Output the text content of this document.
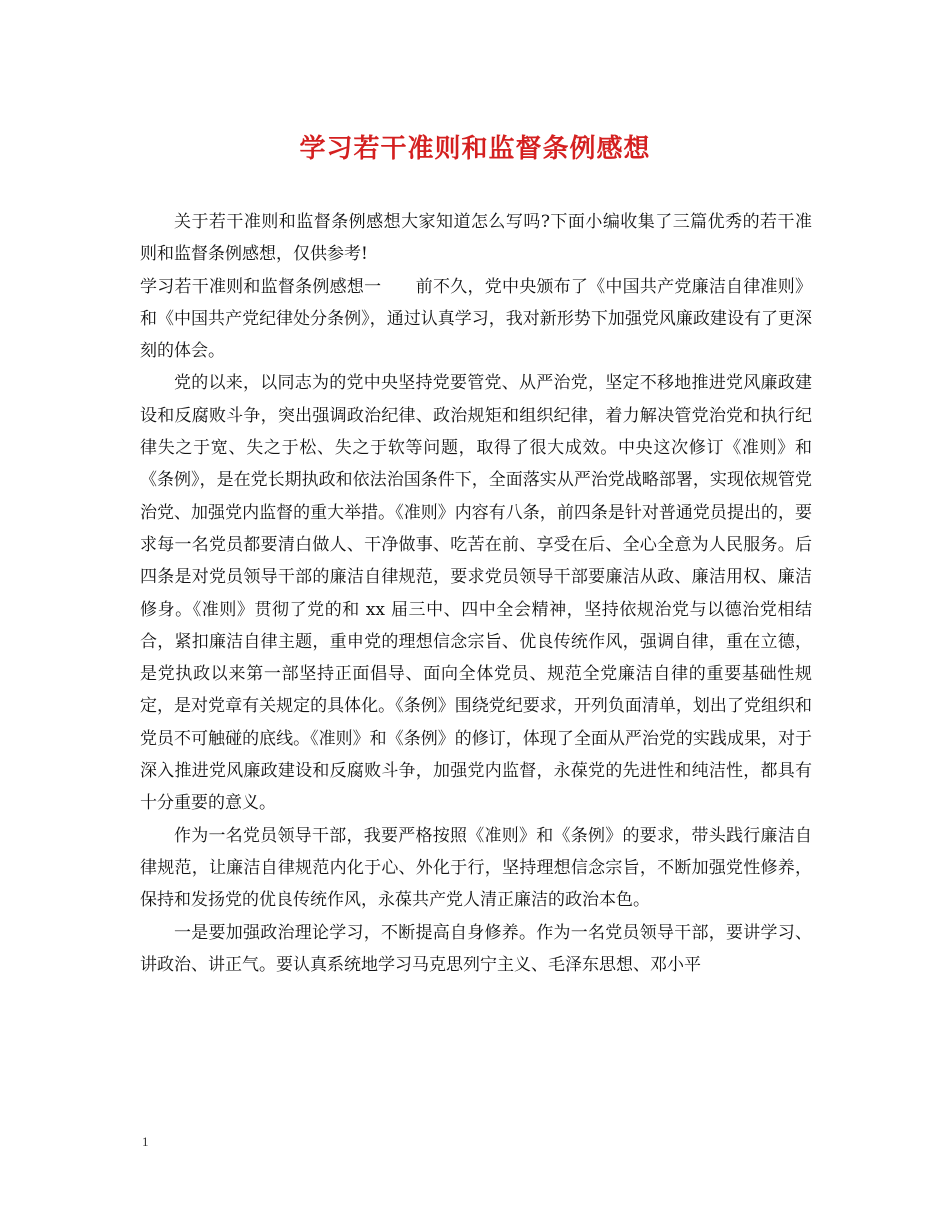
学习若干准则和监督条例感想

关于若干准则和监督条例感想大家知道怎么写吗?下面小编收集了三篇优秀的若干准则和监督条例感想，仅供参考!

学习若干准则和监督条例感想一　　前不久，党中央颁布了《中国共产党廉洁自律准则》和《中国共产党纪律处分条例》，通过认真学习，我对新形势下加强党风廉政建设有了更深刻的体会。

党的以来，以同志为的党中央坚持党要管党、从严治党，坚定不移地推进党风廉政建设和反腐败斗争，突出强调政治纪律、政治规矩和组织纪律，着力解决管党治党和执行纪律失之于宽、失之于松、失之于软等问题，取得了很大成效。中央这次修订《准则》和《条例》，是在党长期执政和依法治国条件下，全面落实从严治党战略部署，实现依规管党治党、加强党内监督的重大举措。《准则》内容有八条，前四条是针对普通党员提出的，要求每一名党员都要清白做人、干净做事、吃苦在前、享受在后、全心全意为人民服务。后四条是对党员领导干部的廉洁自律规范，要求党员领导干部要廉洁从政、廉洁用权、廉洁修身。《准则》贯彻了党的和 xx 届三中、四中全会精神，坚持依规治党与以德治党相结合，紧扣廉洁自律主题，重申党的理想信念宗旨、优良传统作风，强调自律，重在立德，是党执政以来第一部坚持正面倡导、面向全体党员、规范全党廉洁自律的重要基础性规定，是对党章有关规定的具体化。《条例》围绕党纪要求，开列负面清单，划出了党组织和党员不可触碰的底线。《准则》和《条例》的修订，体现了全面从严治党的实践成果，对于深入推进党风廉政建设和反腐败斗争，加强党内监督，永葆党的先进性和纯洁性，都具有十分重要的意义。

作为一名党员领导干部，我要严格按照《准则》和《条例》的要求，带头践行廉洁自律规范，让廉洁自律规范内化于心、外化于行，坚持理想信念宗旨，不断加强党性修养，保持和发扬党的优良传统作风，永葆共产党人清正廉洁的政治本色。

一是要加强政治理论学习，不断提高自身修养。作为一名党员领导干部，要讲学习、讲政治、讲正气。要认真系统地学习马克思列宁主义、毛泽东思想、邓小平

1
